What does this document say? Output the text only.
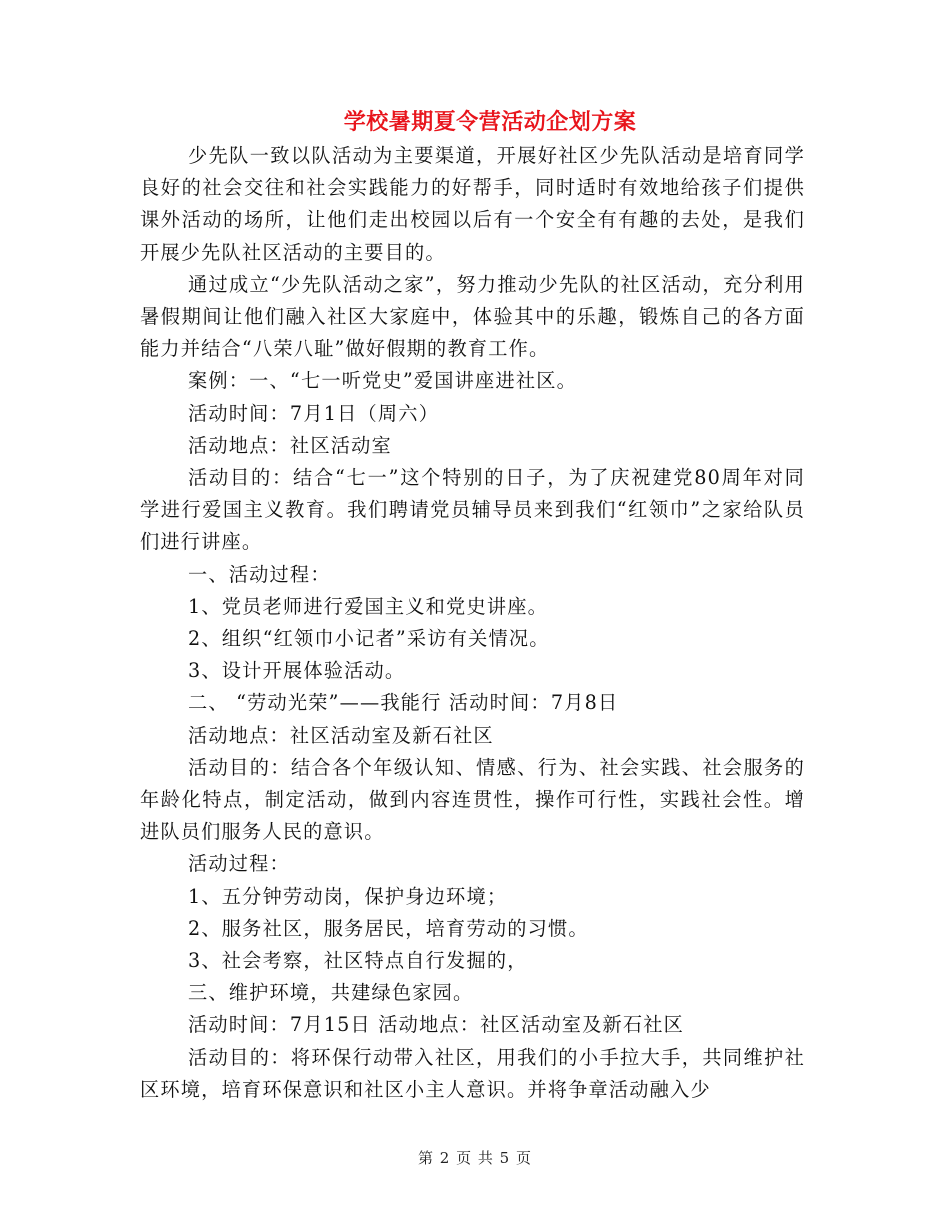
学校暑期夏令营活动企划方案

少先队一致以队活动为主要渠道，开展好社区少先队活动是培育同学良好的社会交往和社会实践能力的好帮手，同时适时有效地给孩子们提供课外活动的场所，让他们走出校园以后有一个安全有有趣的去处，是我们开展少先队社区活动的主要目的。

通过成立“少先队活动之家”，努力推动少先队的社区活动，充分利用暑假期间让他们融入社区大家庭中，体验其中的乐趣，锻炼自己的各方面能力并结合“八荣八耻”做好假期的教育工作。

案例：一、“七一听党史”爱国讲座进社区。

活动时间：7月1日（周六）

活动地点：社区活动室

活动目的：结合“七一”这个特别的日子，为了庆祝建党80周年对同学进行爱国主义教育。我们聘请党员辅导员来到我们“红领巾”之家给队员们进行讲座。

一、活动过程：

1、党员老师进行爱国主义和党史讲座。

2、组织“红领巾小记者”采访有关情况。

3、设计开展体验活动。

二、 “劳动光荣”——我能行 活动时间：7月8日

活动地点：社区活动室及新石社区

活动目的：结合各个年级认知、情感、行为、社会实践、社会服务的年龄化特点，制定活动，做到内容连贯性，操作可行性，实践社会性。增进队员们服务人民的意识。

活动过程：

1、五分钟劳动岗，保护身边环境；

2、服务社区，服务居民，培育劳动的习惯。

3、社会考察，社区特点自行发掘的，

三、维护环境，共建绿色家园。

活动时间：7月15日 活动地点：社区活动室及新石社区

活动目的：将环保行动带入社区，用我们的小手拉大手，共同维护社区环境，培育环保意识和社区小主人意识。并将争章活动融入少

第 2 页 共 5 页
